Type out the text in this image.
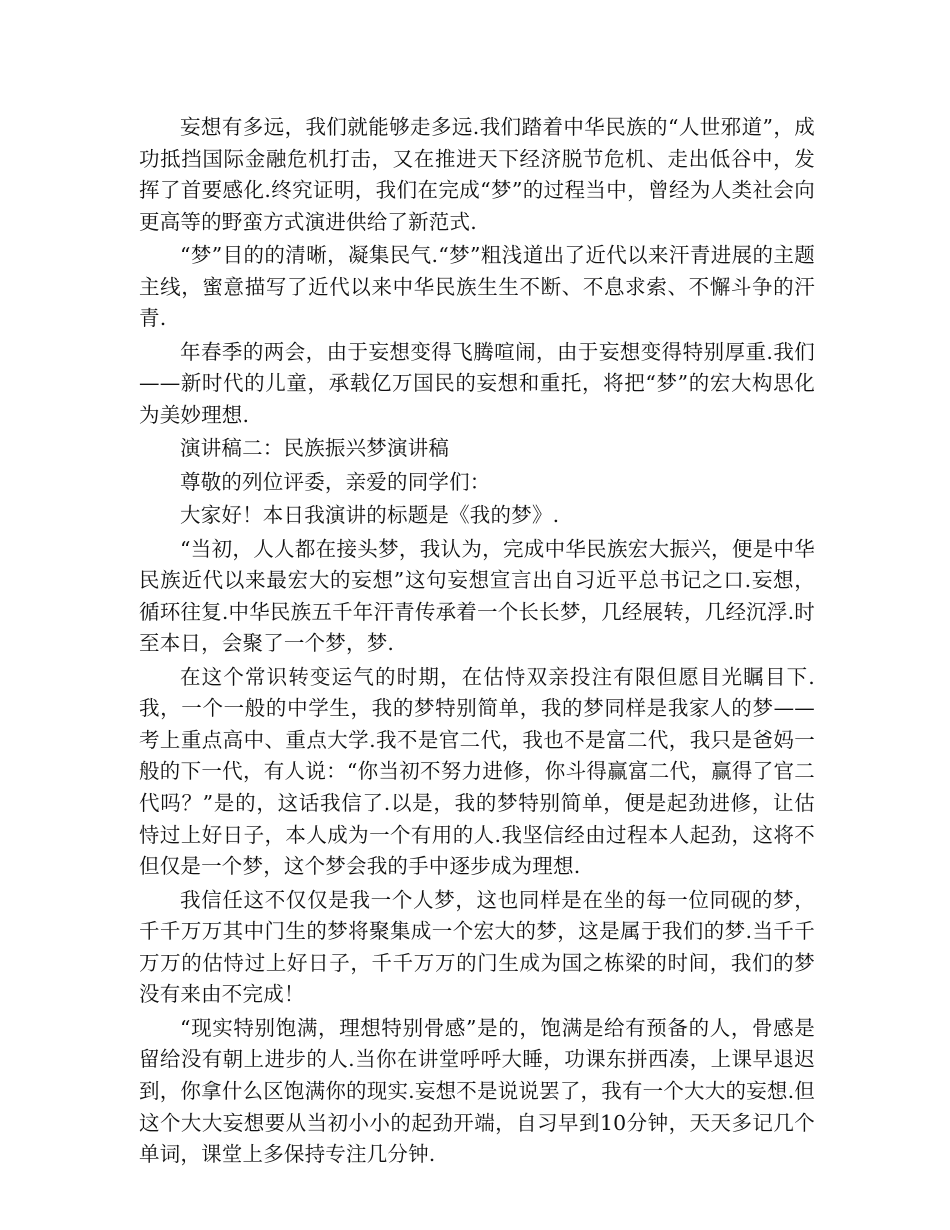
妄想有多远，我们就能够走多远.我们踏着中华民族的“人世邪道”，成功抵挡国际金融危机打击，又在推进天下经济脱节危机、走出低谷中，发挥了首要感化.终究证明，我们在完成“梦”的过程当中，曾经为人类社会向更高等的野蛮方式演进供给了新范式.

“梦”目的的清晰，凝集民气.“梦”粗浅道出了近代以来汗青进展的主题主线，蜜意描写了近代以来中华民族生生不断、不息求索、不懈斗争的汗青.

年春季的两会，由于妄想变得飞腾喧闹，由于妄想变得特别厚重.我们——新时代的儿童，承载亿万国民的妄想和重托，将把“梦”的宏大构思化为美妙理想.

演讲稿二：民族振兴梦演讲稿

尊敬的列位评委，亲爱的同学们：

大家好！本日我演讲的标题是《我的梦》.

“当初，人人都在接头梦，我认为，完成中华民族宏大振兴，便是中华民族近代以来最宏大的妄想”这句妄想宣言出自习近平总书记之口.妄想，循环往复.中华民族五千年汗青传承着一个长长梦，几经展转，几经沉浮.时至本日，会聚了一个梦，梦.

在这个常识转变运气的时期，在估恃双亲投注有限但愿目光瞩目下.我，一个一般的中学生，我的梦特别简单，我的梦同样是我家人的梦——考上重点高中、重点大学.我不是官二代，我也不是富二代，我只是爸妈一般的下一代，有人说：“你当初不努力进修，你斗得赢富二代，赢得了官二代吗？”是的，这话我信了.以是，我的梦特别简单，便是起劲进修，让估恃过上好日子，本人成为一个有用的人.我坚信经由过程本人起劲，这将不但仅是一个梦，这个梦会我的手中逐步成为理想.

我信任这不仅仅是我一个人梦，这也同样是在坐的每一位同砚的梦，千千万万其中门生的梦将聚集成一个宏大的梦，这是属于我们的梦.当千千万万的估恃过上好日子，千千万万的门生成为国之栋梁的时间，我们的梦没有来由不完成！

“现实特别饱满，理想特别骨感”是的，饱满是给有预备的人，骨感是留给没有朝上进步的人.当你在讲堂呼呼大睡，功课东拼西凑，上课早退迟到，你拿什么区饱满你的现实.妄想不是说说罢了，我有一个大大的妄想.但这个大大妄想要从当初小小的起劲开端，自习早到10分钟，天天多记几个单词，课堂上多保持专注几分钟.
